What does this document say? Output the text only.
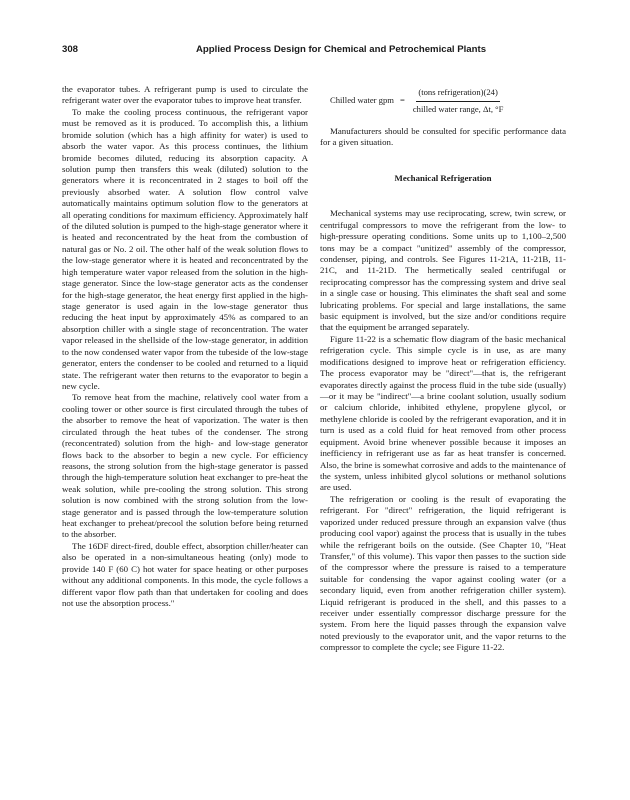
308	Applied Process Design for Chemical and Petrochemical Plants

the evaporator tubes. A refrigerant pump is used to circulate the refrigerant water over the evaporator tubes to improve heat transfer.

To make the cooling process continuous, the refrigerant vapor must be removed as it is produced. To accomplish this, a lithium bromide solution (which has a high affinity for water) is used to absorb the water vapor. As this process continues, the lithium bromide becomes diluted, reducing its absorption capacity. A solution pump then transfers this weak (diluted) solution to the generators where it is reconcentrated in 2 stages to boil off the previously absorbed water. A solution flow control valve automatically maintains optimum solution flow to the generators at all operating conditions for maximum efficiency. Approximately half of the diluted solution is pumped to the high-stage generator where it is heated and reconcentrated by the heat from the combustion of natural gas or No. 2 oil. The other half of the weak solution flows to the low-stage generator where it is heated and reconcentrated by the high temperature water vapor released from the solution in the high-stage generator. Since the low-stage generator acts as the condenser for the high-stage generator, the heat energy first applied in the high-stage generator is used again in the low-stage generator thus reducing the heat input by approximately 45% as compared to an absorption chiller with a single stage of reconcentration. The water vapor released in the shellside of the low-stage generator, in addition to the now condensed water vapor from the tubeside of the low-stage generator, enters the condenser to be cooled and returned to a liquid state. The refrigerant water then returns to the evaporator to begin a new cycle.

To remove heat from the machine, relatively cool water from a cooling tower or other source is first circulated through the tubes of the absorber to remove the heat of vaporization. The water is then circulated through the heat tubes of the condenser. The strong (reconcentrated) solution from the high- and low-stage generator flows back to the absorber to begin a new cycle. For efficiency reasons, the strong solution from the high-stage generator is passed through the high-temperature solution heat exchanger to pre-heat the weak solution, while pre-cooling the strong solution. This strong solution is now combined with the strong solution from the low-stage generator and is passed through the low-temperature solution heat exchanger to preheat/precool the solution before being returned to the absorber.

The 16DF direct-fired, double effect, absorption chiller/heater can also be operated in a non-simultaneous heating (only) mode to provide 140 F (60 C) hot water for space heating or other purposes without any additional components. In this mode, the cycle follows a different vapor flow path than that undertaken for cooling and does not use the absorption process."

Chilled water gpm = $\frac{\text{(tons refrigeration)(24)}}{\text{chilled water range, Δt, °F}}$

Manufacturers should be consulted for specific performance data for a given situation.

Mechanical Refrigeration

Mechanical systems may use reciprocating, screw, twin screw, or centrifugal compressors to move the refrigerant from the low- to high-pressure operating conditions. Some units up to 1,100–2,500 tons may be a compact "unitized" assembly of the compressor, condenser, piping, and controls. See Figures 11-21A, 11-21B, 11-21C, and 11-21D. The hermetically sealed centrifugal or reciprocating compressor has the compressing system and drive seal in a single case or housing. This eliminates the shaft seal and some lubricating problems. For special and large installations, the same basic equipment is involved, but the size and/or conditions require that the equipment be arranged separately.

Figure 11-22 is a schematic flow diagram of the basic mechanical refrigeration cycle. This simple cycle is in use, as are many modifications designed to improve heat or refrigeration efficiency. The process evaporator may be "direct"—that is, the refrigerant evaporates directly against the process fluid in the tube side (usually)—or it may be "indirect"—a brine coolant solution, usually sodium or calcium chloride, inhibited ethylene, propylene glycol, or methylene chloride is cooled by the refrigerant evaporation, and it in turn is used as a cold fluid for heat removed from other process equipment. Avoid brine whenever possible because it imposes an inefficiency in refrigerant use as far as heat transfer is concerned. Also, the brine is somewhat corrosive and adds to the maintenance of the system, unless inhibited glycol solutions or methanol solutions are used.

The refrigeration or cooling is the result of evaporating the refrigerant. For "direct" refrigeration, the liquid refrigerant is vaporized under reduced pressure through an expansion valve (thus producing cool vapor) against the process that is usually in the tubes while the refrigerant boils on the outside. (See Chapter 10, "Heat Transfer," of this volume). This vapor then passes to the suction side of the compressor where the pressure is raised to a temperature suitable for condensing the vapor against cooling water (or a secondary liquid, even from another refrigeration chiller system). Liquid refrigerant is produced in the shell, and this passes to a receiver under essentially compressor discharge pressure for the system. From here the liquid passes through the expansion valve noted previously to the evaporator unit, and the vapor returns to the compressor to complete the cycle; see Figure 11-22.
